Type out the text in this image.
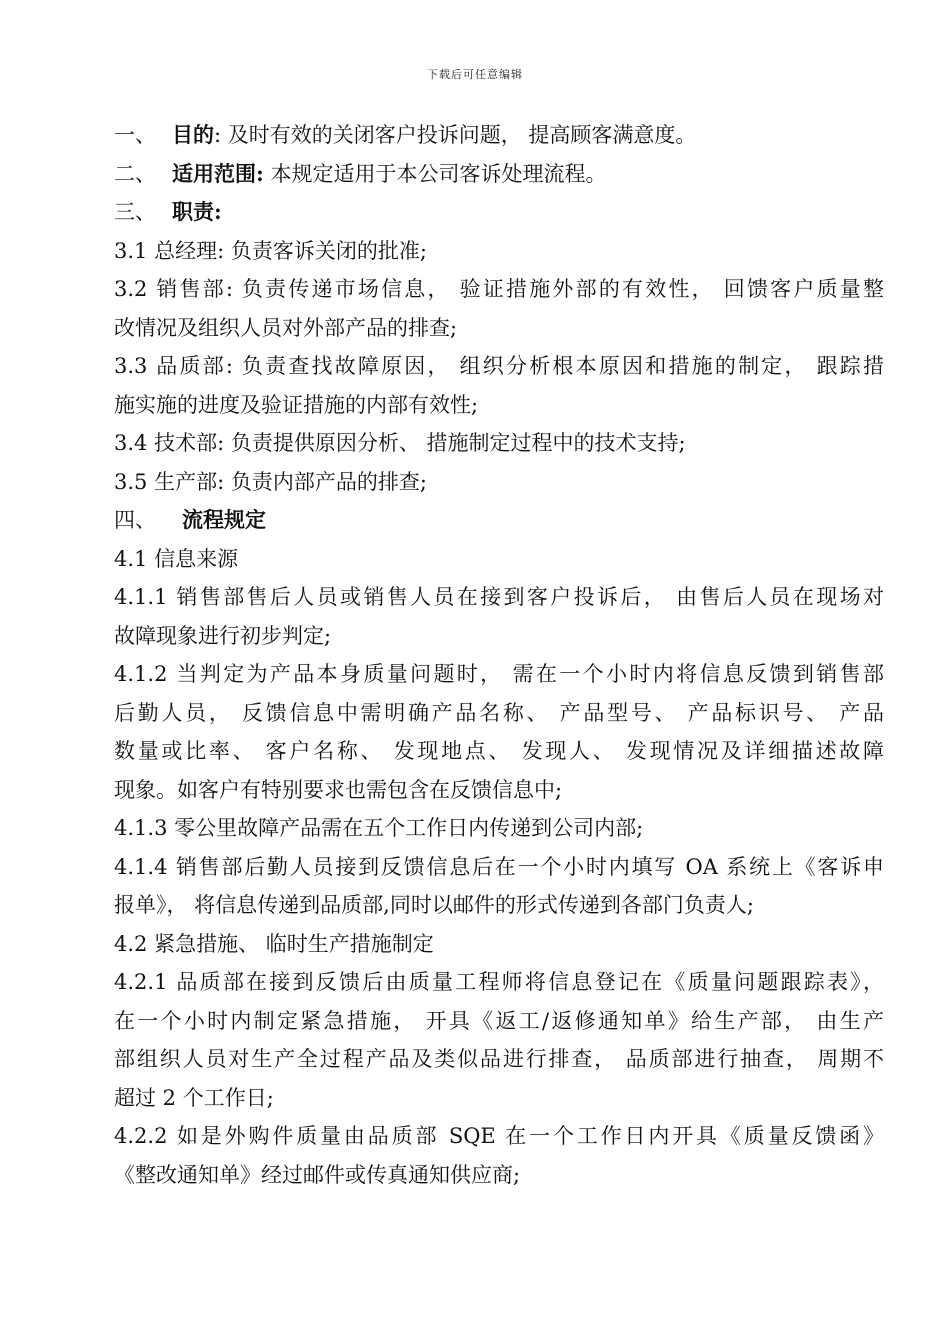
下载后可任意编辑
一、 目的: 及时有效的关闭客户投诉问题， 提高顾客满意度。
二、 适用范围: 本规定适用于本公司客诉处理流程。
三、 职责:
3.1 总经理: 负责客诉关闭的批准;
3.2 销售部: 负责传递市场信息， 验证措施外部的有效性， 回馈客户质量整
改情况及组织人员对外部产品的排查;
3.3 品质部: 负责查找故障原因， 组织分析根本原因和措施的制定， 跟踪措
施实施的进度及验证措施的内部有效性;
3.4 技术部: 负责提供原因分析、 措施制定过程中的技术支持;
3.5 生产部: 负责内部产品的排查;
四、 流程规定
4.1 信息来源
4.1.1 销售部售后人员或销售人员在接到客户投诉后， 由售后人员在现场对
故障现象进行初步判定;
4.1.2 当判定为产品本身质量问题时， 需在一个小时内将信息反馈到销售部
后勤人员， 反馈信息中需明确产品名称、 产品型号、 产品标识号、 产品
数量或比率、 客户名称、 发现地点、 发现人、 发现情况及详细描述故障
现象。如客户有特别要求也需包含在反馈信息中;
4.1.3 零公里故障产品需在五个工作日内传递到公司内部;
4.1.4 销售部后勤人员接到反馈信息后在一个小时内填写 OA 系统上《客诉申
报单》， 将信息传递到品质部,同时以邮件的形式传递到各部门负责人;
4.2 紧急措施、 临时生产措施制定
4.2.1 品质部在接到反馈后由质量工程师将信息登记在《质量问题跟踪表》，
在一个小时内制定紧急措施， 开具《返工/返修通知单》给生产部， 由生产
部组织人员对生产全过程产品及类似品进行排查， 品质部进行抽查， 周期不
超过 2 个工作日;
4.2.2 如是外购件质量由品质部 SQE 在一个工作日内开具《质量反馈函》
《整改通知单》经过邮件或传真通知供应商;
